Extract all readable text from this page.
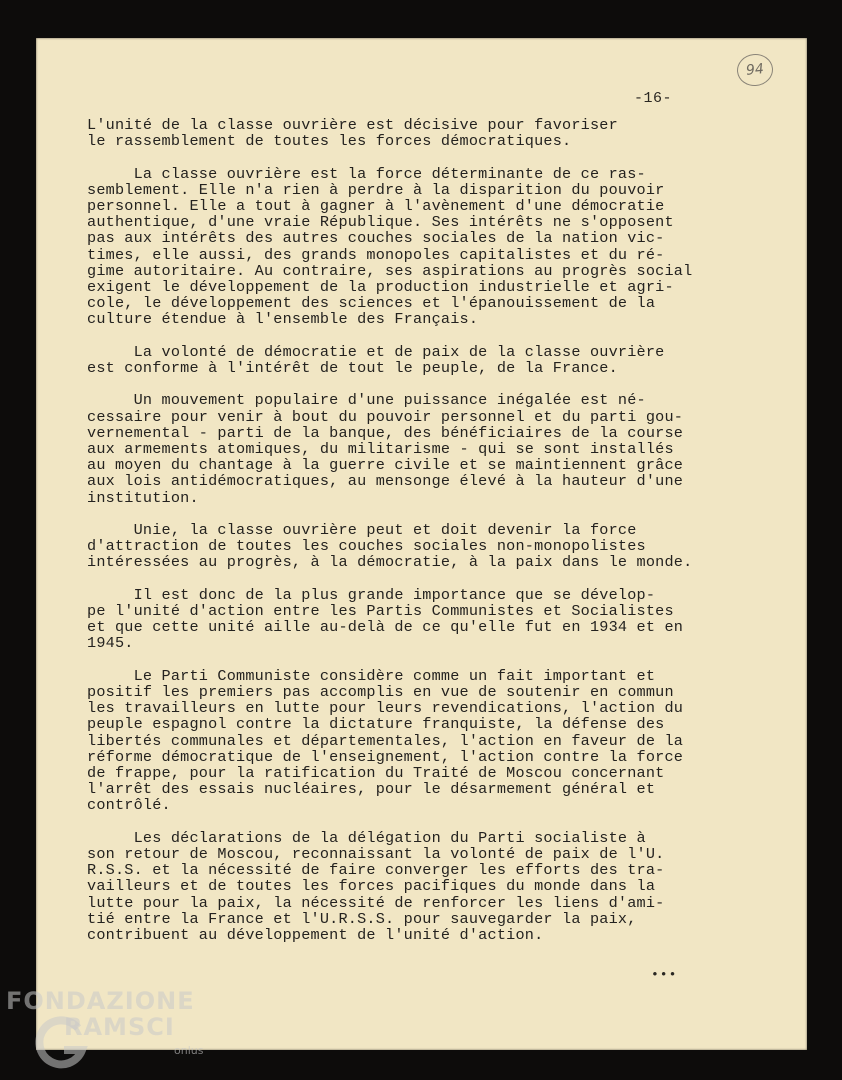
94
-16-
L'unité de la classe ouvrière est décisive pour favoriser
le rassemblement de toutes les forces démocratiques.
La classe ouvrière est la force déterminante de ce ras-
semblement. Elle n'a rien à perdre à la disparition du pouvoir
personnel. Elle a tout à gagner à l'avènement d'une démocratie
authentique, d'une vraie République. Ses intérêts ne s'opposent
pas aux intérêts des autres couches sociales de la nation vic-
times, elle aussi, des grands monopoles capitalistes et du ré-
gime autoritaire. Au contraire, ses aspirations au progrès social
exigent le développement de la production industrielle et agri-
cole, le développement des sciences et l'épanouissement de la
culture étendue à l'ensemble des Français.
La volonté de démocratie et de paix de la classe ouvrière
est conforme à l'intérêt de tout le peuple, de la France.
Un mouvement populaire d'une puissance inégalée est né-
cessaire pour venir à bout du pouvoir personnel et du parti gou-
vernemental - parti de la banque, des bénéficiaires de la course
aux armements atomiques, du militarisme - qui se sont installés
au moyen du chantage à la guerre civile et se maintiennent grâce
aux lois antidémocratiques, au mensonge élevé à la hauteur d'une
institution.
Unie, la classe ouvrière peut et doit devenir la force
d'attraction de toutes les couches sociales non-monopolistes
intéressées au progrès, à la démocratie, à la paix dans le monde.
Il est donc de la plus grande importance que se dévelop-
pe l'unité d'action entre les Partis Communistes et Socialistes
et que cette unité aille au-delà de ce qu'elle fut en 1934 et en
1945.
Le Parti Communiste considère comme un fait important et
positif les premiers pas accomplis en vue de soutenir en commun
les travailleurs en lutte pour leurs revendications, l'action du
peuple espagnol contre la dictature franquiste, la défense des
libertés communales et départementales, l'action en faveur de la
réforme démocratique de l'enseignement, l'action contre la force
de frappe, pour la ratification du Traité de Moscou concernant
l'arrêt des essais nucléaires, pour le désarmement général et
contrôlé.
Les déclarations de la délégation du Parti socialiste à
son retour de Moscou, reconnaissant la volonté de paix de l'U.
R.S.S. et la nécessité de faire converger les efforts des tra-
vailleurs et de toutes les forces pacifiques du monde dans la
lutte pour la paix, la nécessité de renforcer les liens d'ami-
tié entre la France et l'U.R.S.S. pour sauvegarder la paix,
contribuent au développement de l'unité d'action.
•••
FONDAZIONE
RAMSCI
onlus
